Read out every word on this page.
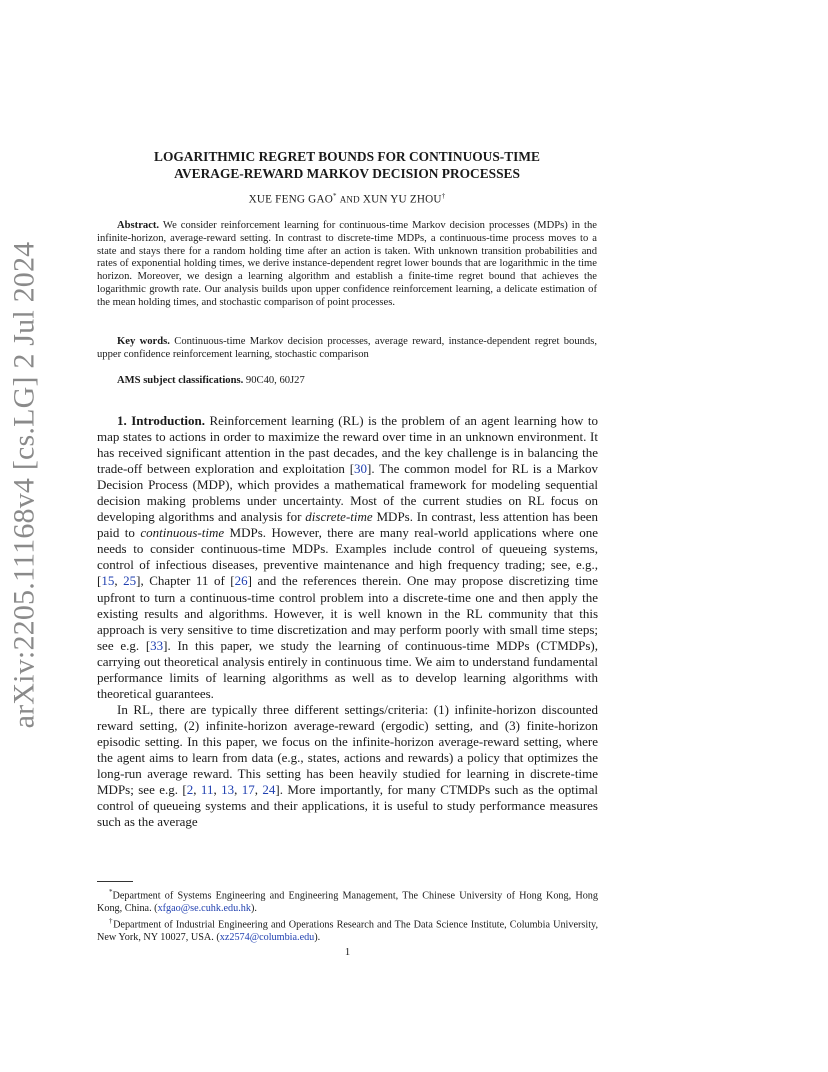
arXiv:2205.11168v4 [cs.LG] 2 Jul 2024
LOGARITHMIC REGRET BOUNDS FOR CONTINUOUS-TIME
AVERAGE-REWARD MARKOV DECISION PROCESSES
XUE FENG GAO* AND XUN YU ZHOU†
Abstract. We consider reinforcement learning for continuous-time Markov decision processes (MDPs) in the infinite-horizon, average-reward setting. In contrast to discrete-time MDPs, a continuous-time process moves to a state and stays there for a random holding time after an action is taken. With unknown transition probabilities and rates of exponential holding times, we derive instance-dependent regret lower bounds that are logarithmic in the time horizon. Moreover, we design a learning algorithm and establish a finite-time regret bound that achieves the logarithmic growth rate. Our analysis builds upon upper confidence reinforcement learning, a delicate estimation of the mean holding times, and stochastic comparison of point processes.
Key words. Continuous-time Markov decision processes, average reward, instance-dependent regret bounds, upper confidence reinforcement learning, stochastic comparison
AMS subject classifications. 90C40, 60J27

1. Introduction. Reinforcement learning (RL) is the problem of an agent learning how to map states to actions in order to maximize the reward over time in an unknown environment. It has received significant attention in the past decades, and the key challenge is in balancing the trade-off between exploration and exploitation [30]. The common model for RL is a Markov Decision Process (MDP), which provides a mathematical framework for modeling sequential decision making problems under uncertainty. Most of the current studies on RL focus on developing algorithms and analysis for discrete-time MDPs. In contrast, less attention has been paid to continuous-time MDPs. However, there are many real-world applications where one needs to consider continuous-time MDPs. Examples include control of queueing systems, control of infectious diseases, preventive maintenance and high frequency trading; see, e.g., [15, 25], Chapter 11 of [26] and the references therein. One may propose discretizing time upfront to turn a continuous-time control problem into a discrete-time one and then apply the existing results and algorithms. However, it is well known in the RL community that this approach is very sensitive to time discretization and may perform poorly with small time steps; see e.g. [33]. In this paper, we study the learning of continuous-time MDPs (CTMDPs), carrying out theoretical analysis entirely in continuous time. We aim to understand fundamental performance limits of learning algorithms as well as to develop learning algorithms with theoretical guarantees.

In RL, there are typically three different settings/criteria: (1) infinite-horizon discounted reward setting, (2) infinite-horizon average-reward (ergodic) setting, and (3) finite-horizon episodic setting. In this paper, we focus on the infinite-horizon average-reward setting, where the agent aims to learn from data (e.g., states, actions and rewards) a policy that optimizes the long-run average reward. This setting has been heavily studied for learning in discrete-time MDPs; see e.g. [2, 11, 13, 17, 24]. More importantly, for many CTMDPs such as the optimal control of queueing systems and their applications, it is useful to study performance measures such as the average

*Department of Systems Engineering and Engineering Management, The Chinese University of Hong Kong, Hong Kong, China. (xfgao@se.cuhk.edu.hk).

†Department of Industrial Engineering and Operations Research and The Data Science Institute, Columbia University, New York, NY 10027, USA. (xz2574@columbia.edu).

1
